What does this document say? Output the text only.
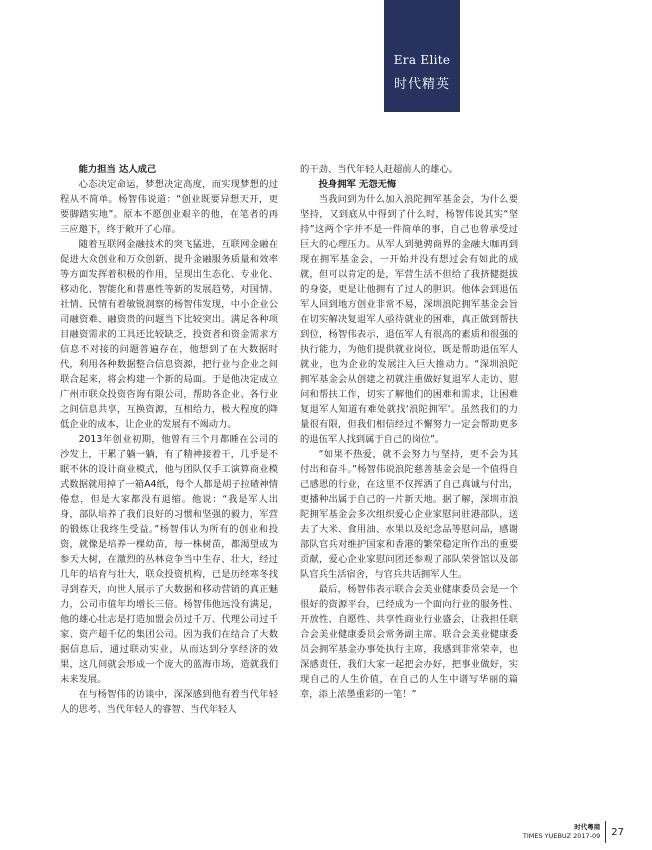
Era Elite
时代精英
能力担当 达人成己

心态决定命运，梦想决定高度，而实现梦想的过程从不简单。杨智伟说道：“创业既要异想天开，更要脚踏实地”。原本不愿创业艰辛的他，在笔者的再三应邀下，终于敞开了心扉。

随着互联网金融技术的突飞猛进，互联网金融在促进大众创业和万众创新、提升金融服务质量和效率等方面发挥着积极的作用，呈现出生态化、专业化、移动化、智能化和普惠性等新的发展趋势，对国情、社情、民情有着敏锐洞察的杨智伟发现，中小企业公司融资难、融资贵的问题当下比较突出。满足各种项目融资需求的工具还比较缺乏，投资者和资金需求方信息不对接的问题普遍存在，他想到了在大数据时代，利用各种数据整合信息资源，把行业与企业之间联合起来，将会构建一个新的局面。于是他决定成立广州市联众投资咨询有限公司，帮助各企业、各行业之间信息共享，互换资源，互相给力，极大程度的降低企业的成本，让企业的发展有不竭动力。

2013年创业初期，他曾有三个月都睡在公司的沙发上，干累了躺一躺，有了精神接着干，几乎是不眠不休的设计商业模式，他与团队仅手工演算商业模式数据就用掉了一箱A4纸，每个人都是胡子拉碴神情倦怠，但是大家都没有退缩。他说：“我是军人出身，部队培养了我们良好的习惯和坚强的毅力，军营的锻炼让我终生受益。”杨智伟认为所有的创业和投资，就像是培养一棵幼苗，每一株树苗，都渴望成为参天大树，在激烈的丛林竞争当中生存、壮大，经过几年的培育与壮大，联众投资机构，已是历经寒冬找寻到春天，向世人展示了大数据和移动营销的真正魅力，公司市值年均增长三倍。杨智伟他远没有满足，他的雄心壮志是打造加盟会员过千万、代理公司过千家、资产超千亿的集团公司。因为我们在结合了大数据信息后，通过联动实业，从而达到分享经济的效果，这几间就会形成一个庞大的蓝海市场，造就我们未来发展。

在与杨智伟的访谈中，深深感到他有着当代年轻人的思考、当代年轻人的睿智、当代年轻人

的干劲、当代年轻人赶超前人的雄心。

投身拥军 无怨无悔

当我问到为什么加入浪陀拥军基金会，为什么要坚持，又到底从中得到了什么时，杨智伟说其实“坚持”这两个字并不是一件简单的事，自己也曾承受过巨大的心理压力。从军人到驰骋商界的金融大咖再到现在拥军基金会，一开始并没有想过会有如此的成就，但可以肯定的是，军营生活不但给了我挤健挺拔的身姿，更是让他拥有了过人的胆识。他体会到退伍军人回到地方创业非常不易，深圳浪陀拥军基金会旨在切实解决复退军人亟待就业的困难，真正做到帮扶到位，杨智伟表示，退伍军人有很高的素质和很强的执行能力，为他们提供就业岗位，既是帮助退伍军人就业，也为企业的发展注入巨大推动力。“深圳浪陀拥军基金会从创建之初就注重做好复退军人走访、慰问和帮扶工作，切实了解他们的困难和需求，让困难复退军人知道有难处就找‘浪陀拥军’。虽然我们的力量很有限，但我们相信经过不懈努力一定会帮助更多的退伍军人找到属于自己的岗位”。

“如果不热爱，就不会努力与坚持，更不会为其付出和奋斗。”杨智伟说浪陀慈善基金会是一个值得自己感恩的行业，在这里不仅挥洒了自己真诚与付出，更播种出属于自己的一片新天地。据了解，深圳市浪陀拥军基金会多次组织爱心企业家慰问驻港部队，送去了大米、食用油、水果以及纪念品等慰问品，感谢部队官兵对维护国家和香港的繁荣稳定所作出的重要贡献，爱心企业家慰问团还参观了部队荣誉馆以及部队官兵生活宿舍，与官兵共话拥军人生。

最后，杨智伟表示联合会美业健康委员会是一个很好的资源平台，已经成为一个面向行业的服务性、开放性、自愿性、共享性商业行业盛会，让我担任联合会美业健康委员会常务副主席、联合会美业健康委员会拥军基金办事处执行主席，我感到非常荣幸，也深感责任，我们大家一起把会办好，把事业做好，实现自己的人生价值，在自己的人生中谱写华丽的篇章，添上浓墨重彩的一笔！”

时代粤商
TIMES YUEBUZ 2017-09 27
